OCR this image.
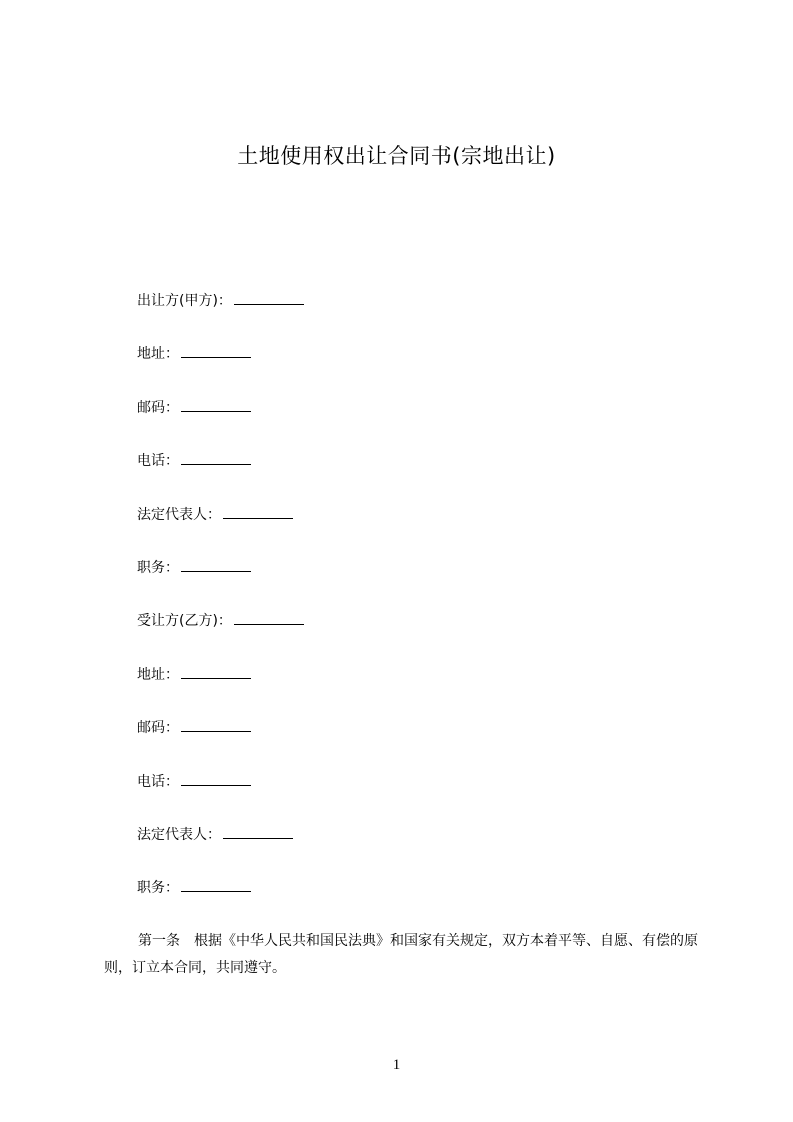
土地使用权出让合同书(宗地出让)
出让方(甲方)：
地址：
邮码：
电话：
法定代表人：
职务：
受让方(乙方)：
地址：
邮码：
电话：
法定代表人：
职务：

第一条 根据《中华人民共和国民法典》和国家有关规定，双方本着平等、自愿、有偿的原则，订立本合同，共同遵守。

1
